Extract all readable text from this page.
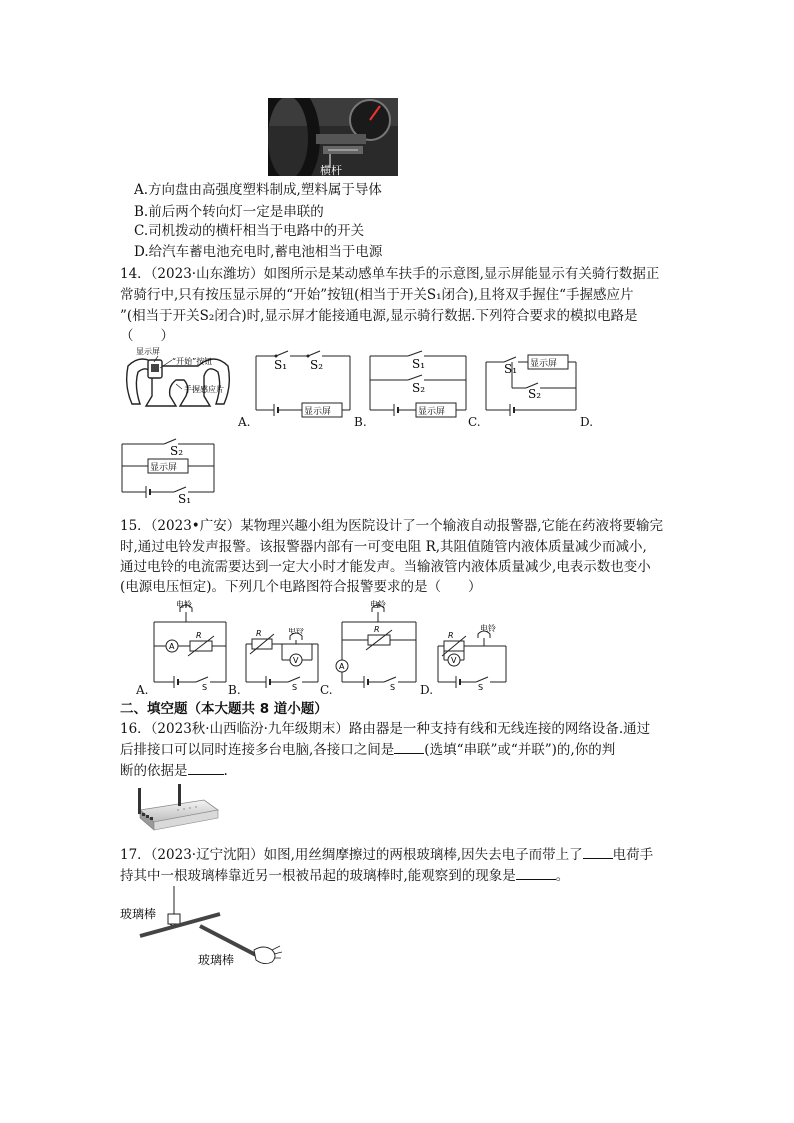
横杆
A.方向盘由高强度塑料制成,塑料属于导体
B.前后两个转向灯一定是串联的
C.司机拨动的横杆相当于电路中的开关
D.给汽车蓄电池充电时,蓄电池相当于电源
14．（2023·山东潍坊）如图所示是某动感单车扶手的示意图,显示屏能显示有关骑行数据正
常骑行中,只有按压显示屏的“开始”按钮(相当于开关S₁闭合),且将双手握住“手握感应片
”(相当于开关S₂闭合)时,显示屏才能接通电源,显示骑行数据.下列符合要求的模拟电路是
（　　）
显示屏
“开始”按钮
手握感应片
S₁ S₂
显示屏
A.
S₁
S₂
显示屏
B.
S₁
S₂
显示屏
C.	D.
S₂
显示屏
S₁
15．（2023•广安）某物理兴趣小组为医院设计了一个输液自动报警器,它能在药液将要输完
时,通过电铃发声报警。该报警器内部有一可变电阻 R,其阻值随管内液体质量减少而减小,
通过电铃的电流需要达到一定大小时才能发声。当输液管内液体质量减少,电表示数也变小
(电源电压恒定)。下列几个电路图符合报警要求的是（　　）
电铃
A
R
S
A.
R	电铃
V
S
B.
电铃
A
R
S
C.
R
电铃
V
S
D.
二、填空题（本大题共 8 道小题）
16．（2023秋·山西临汾·九年级期末）路由器是一种支持有线和无线连接的网络设备.通过
后排接口可以同时连接多台电脑,各接口之间是 (选填“串联”或“并联”)的,你的判
断的依据是	.
17．（2023·辽宁沈阳）如图,用丝绸摩擦过的两根玻璃棒,因失去电子而带上了 电荷手
持其中一根玻璃棒靠近另一根被吊起的玻璃棒时,能观察到的现象是	。
玻璃棒
玻璃棒
